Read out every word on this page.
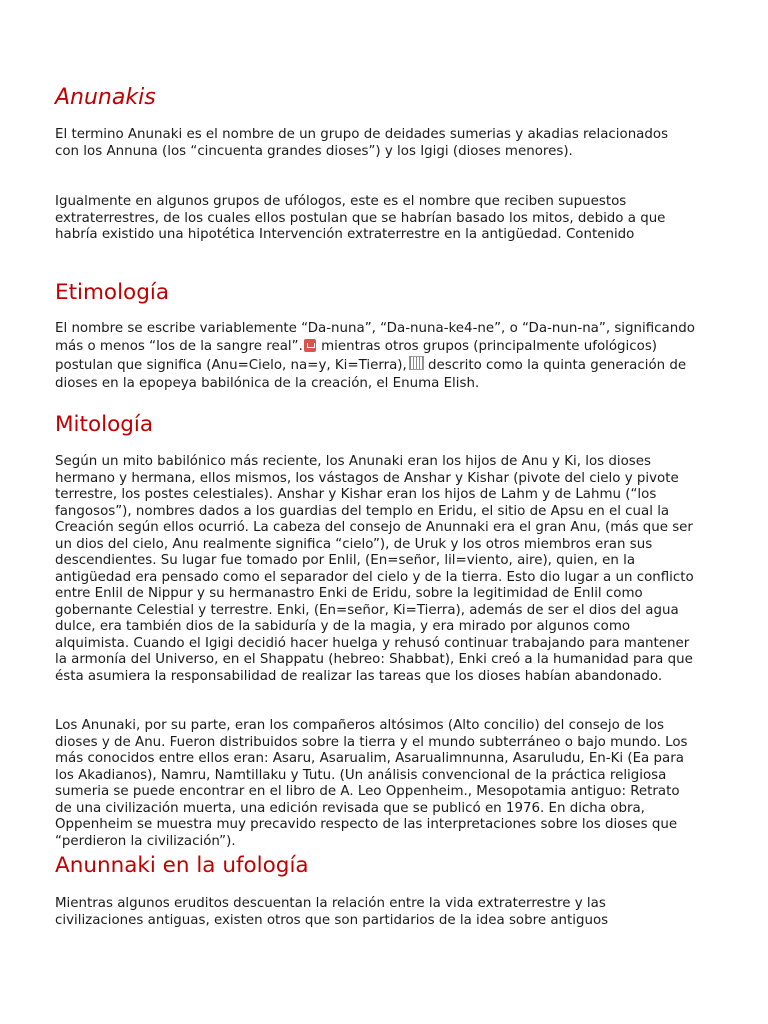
Anunakis

El termino Anunaki es el nombre de un grupo de deidades sumerias y akadias relacionados con los Annuna (los “cincuenta grandes dioses”) y los Igigi (dioses menores).

Igualmente en algunos grupos de ufólogos, este es el nombre que reciben supuestos extraterrestres, de los cuales ellos postulan que se habrían basado los mitos, debido a que habría existido una hipotética Intervención extraterrestre en la antigüedad. Contenido

Etimología

El nombre se escribe variablemente “Da-nuna”, “Da-nuna-ke4-ne”, o “Da-nun-na”, significando más o menos “los de la sangre real”. mientras otros grupos (principalmente ufológicos) postulan que significa (Anu=Cielo, na=y, Ki=Tierra), descrito como la quinta generación de dioses en la epopeya babilónica de la creación, el Enuma Elish.

Mitología

Según un mito babilónico más reciente, los Anunaki eran los hijos de Anu y Ki, los dioses hermano y hermana, ellos mismos, los vástagos de Anshar y Kishar (pivote del cielo y pivote terrestre, los postes celestiales). Anshar y Kishar eran los hijos de Lahm y de Lahmu (“los fangosos”), nombres dados a los guardias del templo en Eridu, el sitio de Apsu en el cual la Creación según ellos ocurrió. La cabeza del consejo de Anunnaki era el gran Anu, (más que ser un dios del cielo, Anu realmente significa “cielo”), de Uruk y los otros miembros eran sus descendientes. Su lugar fue tomado por Enlil, (En=señor, lil=viento, aire), quien, en la antigüedad era pensado como el separador del cielo y de la tierra. Esto dio lugar a un conflicto entre Enlil de Nippur y su hermanastro Enki de Eridu, sobre la legitimidad de Enlil como gobernante Celestial y terrestre. Enki, (En=señor, Ki=Tierra), además de ser el dios del agua dulce, era también dios de la sabiduría y de la magia, y era mirado por algunos como alquimista. Cuando el Igigi decidió hacer huelga y rehusó continuar trabajando para mantener la armonía del Universo, en el Shappatu (hebreo: Shabbat), Enki creó a la humanidad para que ésta asumiera la responsabilidad de realizar las tareas que los dioses habían abandonado.

Los Anunaki, por su parte, eran los compañeros altósimos (Alto concilio) del consejo de los dioses y de Anu. Fueron distribuidos sobre la tierra y el mundo subterráneo o bajo mundo. Los más conocidos entre ellos eran: Asaru, Asarualim, Asarualimnunna, Asaruludu, En-Ki (Ea para los Akadianos), Namru, Namtillaku y Tutu. (Un análisis convencional de la práctica religiosa sumeria se puede encontrar en el libro de A. Leo Oppenheim., Mesopotamia antiguo: Retrato de una civilización muerta, una edición revisada que se publicó en 1976. En dicha obra, Oppenheim se muestra muy precavido respecto de las interpretaciones sobre los dioses que “perdieron la civilización”).

Anunnaki en la ufología

Mientras algunos eruditos descuentan la relación entre la vida extraterrestre y las civilizaciones antiguas, existen otros que son partidarios de la idea sobre antiguos
